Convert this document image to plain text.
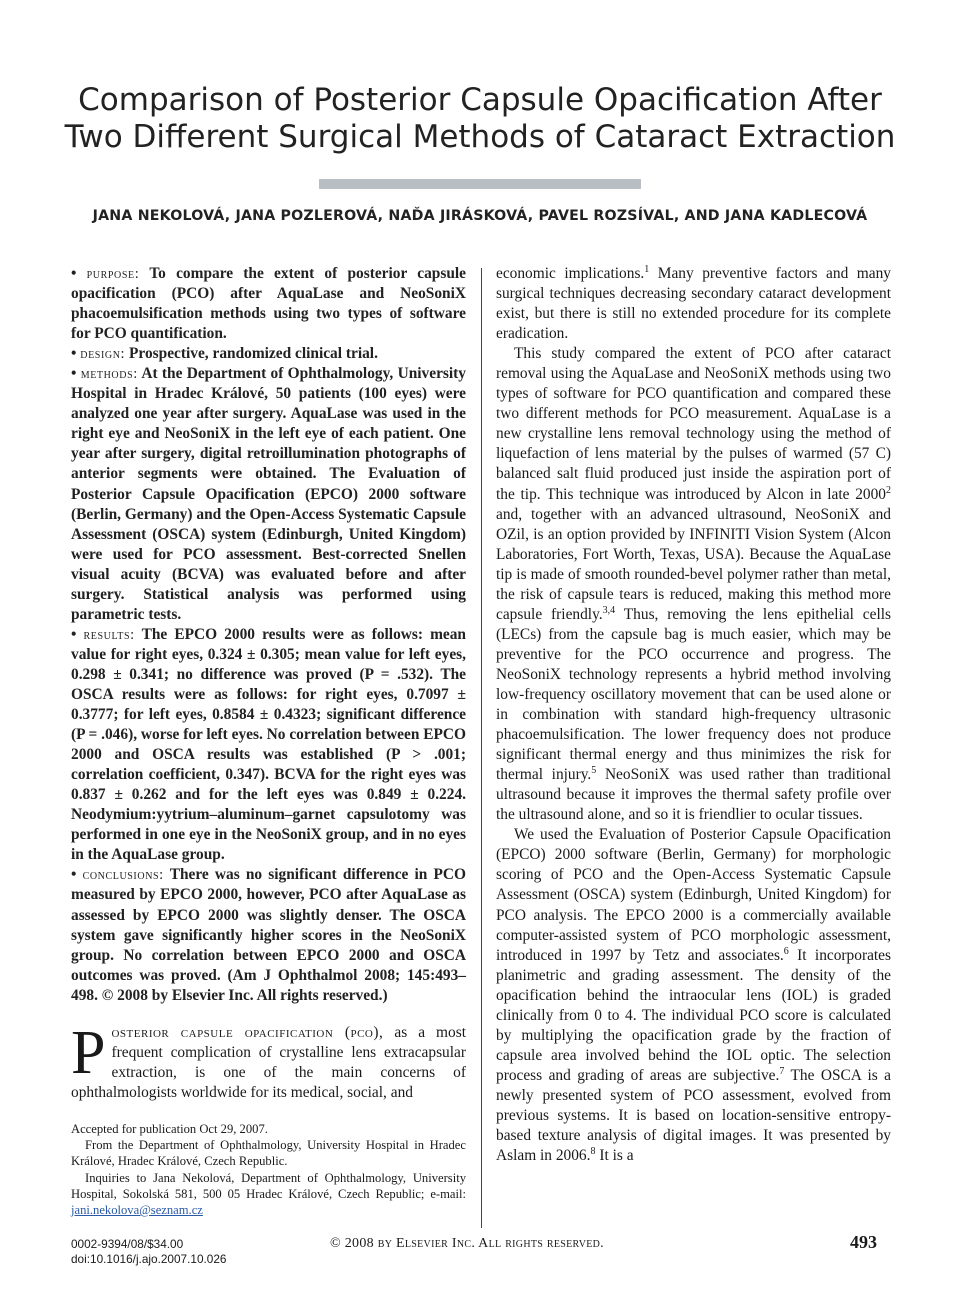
Comparison of Posterior Capsule Opacification After
Two Different Surgical Methods of Cataract Extraction
JANA NEKOLOVÁ, JANA POZLEROVÁ, NAĎA JIRÁSKOVÁ, PAVEL ROZSÍVAL, AND JANA KADLECOVÁ

• purpose: To compare the extent of posterior capsule opacification (PCO) after AquaLase and NeoSoniX phacoemulsification methods using two types of software for PCO quantification.

• design: Prospective, randomized clinical trial.

• methods: At the Department of Ophthalmology, University Hospital in Hradec Králové, 50 patients (100 eyes) were analyzed one year after surgery. AquaLase was used in the right eye and NeoSoniX in the left eye of each patient. One year after surgery, digital retroillumination photographs of anterior segments were obtained. The Evaluation of Posterior Capsule Opacification (EPCO) 2000 software (Berlin, Germany) and the Open-Access Systematic Capsule Assessment (OSCA) system (Edinburgh, United Kingdom) were used for PCO assessment. Best-corrected Snellen visual acuity (BCVA) was evaluated before and after surgery. Statistical analysis was performed using parametric tests.

• results: The EPCO 2000 results were as follows: mean value for right eyes, 0.324 ± 0.305; mean value for left eyes, 0.298 ± 0.341; no difference was proved (P = .532). The OSCA results were as follows: for right eyes, 0.7097 ± 0.3777; for left eyes, 0.8584 ± 0.4323; significant difference (P = .046), worse for left eyes. No correlation between EPCO 2000 and OSCA results was established (P > .001; correlation coefficient, 0.347). BCVA for the right eyes was 0.837 ± 0.262 and for the left eyes was 0.849 ± 0.224. Neodymium:yytrium–aluminum–garnet capsulotomy was performed in one eye in the NeoSoniX group, and in no eyes in the AquaLase group.

• conclusions: There was no significant difference in PCO measured by EPCO 2000, however, PCO after AquaLase as assessed by EPCO 2000 was slightly denser. The OSCA system gave significantly higher scores in the NeoSoniX group. No correlation between EPCO 2000 and OSCA outcomes was proved. (Am J Ophthalmol 2008; 145:493–498. © 2008 by Elsevier Inc. All rights reserved.)

Posterior capsule opacification (pco), as a most frequent complication of crystalline lens extracapsular extraction, is one of the main concerns of ophthalmologists worldwide for its medical, social, and

economic implications.$^1$ Many preventive factors and many surgical techniques decreasing secondary cataract development exist, but there is still no extended procedure for its complete eradication.

This study compared the extent of PCO after cataract removal using the AquaLase and NeoSoniX methods using two types of software for PCO quantification and compared these two different methods for PCO measurement. AquaLase is a new crystalline lens removal technology using the method of liquefaction of lens material by the pulses of warmed (57 C) balanced salt fluid produced just inside the aspiration port of the tip. This technique was introduced by Alcon in late 2000$^2$ and, together with an advanced ultrasound, NeoSoniX and OZil, is an option provided by INFINITI Vision System (Alcon Laboratories, Fort Worth, Texas, USA). Because the AquaLase tip is made of smooth rounded-bevel polymer rather than metal, the risk of capsule tears is reduced, making this method more capsule friendly.$^{3,4}$ Thus, removing the lens epithelial cells (LECs) from the capsule bag is much easier, which may be preventive for the PCO occurrence and progress. The NeoSoniX technology represents a hybrid method involving low-frequency oscillatory movement that can be used alone or in combination with standard high-frequency ultrasonic phacoemulsification. The lower frequency does not produce significant thermal energy and thus minimizes the risk for thermal injury.$^5$ NeoSoniX was used rather than traditional ultrasound because it improves the thermal safety profile over the ultrasound alone, and so it is friendlier to ocular tissues.

We used the Evaluation of Posterior Capsule Opacification (EPCO) 2000 software (Berlin, Germany) for morphologic scoring of PCO and the Open-Access Systematic Capsule Assessment (OSCA) system (Edinburgh, United Kingdom) for PCO analysis. The EPCO 2000 is a commercially available computer-assisted system of PCO morphologic assessment, introduced in 1997 by Tetz and associates.$^6$ It incorporates planimetric and grading assessment. The density of the opacification behind the intraocular lens (IOL) is graded clinically from 0 to 4. The individual PCO score is calculated by multiplying the opacification grade by the fraction of capsule area involved behind the IOL optic. The selection process and grading of areas are subjective.$^7$ The OSCA is a newly presented system of PCO assessment, evolved from previous systems. It is based on location-sensitive entropy-based texture analysis of digital images. It was presented by Aslam in 2006.$^8$ It is a

Accepted for publication Oct 29, 2007.

From the Department of Ophthalmology, University Hospital in Hradec Králové, Hradec Králové, Czech Republic.

Inquiries to Jana Nekolová, Department of Ophthalmology, University Hospital, Sokolská 581, 500 05 Hradec Králové, Czech Republic; e-mail: jani.nekolova@seznam.cz

0002-9394/08/$34.00
doi:10.1016/j.ajo.2007.10.026
© 2008 by Elsevier Inc. All rights reserved.	493
